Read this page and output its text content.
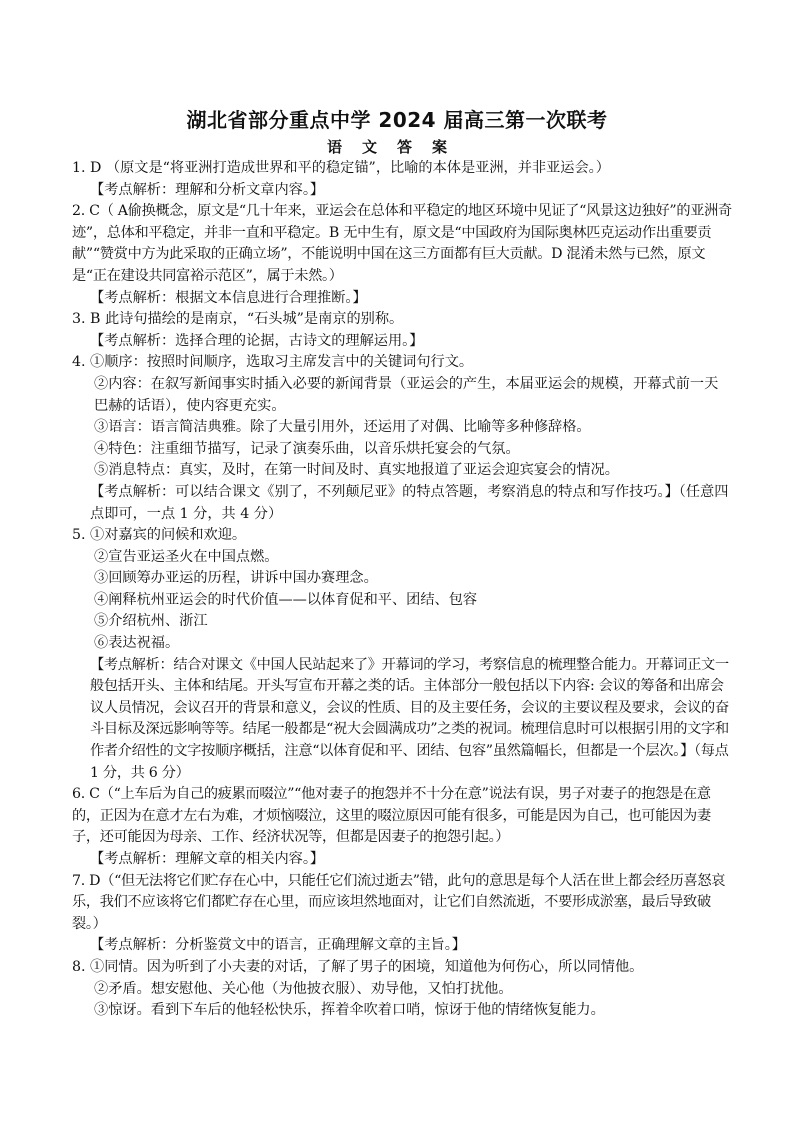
湖北省部分重点中学 2024 届高三第一次联考
语文答案

1. D （原文是“将亚洲打造成世界和平的稳定锚”，比喻的本体是亚洲，并非亚运会。）

【考点解析：理解和分析文章内容。】

2. C（ A偷换概念，原文是“几十年来，亚运会在总体和平稳定的地区环境中见证了“风景这边独好”的亚洲奇迹”，总体和平稳定，并非一直和平稳定。B 无中生有，原文是“中国政府为国际奥林匹克运动作出重要贡献”“赞赏中方为此采取的正确立场”，不能说明中国在这三方面都有巨大贡献。D 混淆未然与已然，原文是“正在建设共同富裕示范区”，属于未然。）

【考点解析：根据文本信息进行合理推断。】

3. B 此诗句描绘的是南京，“石头城”是南京的别称。

【考点解析：选择合理的论据，古诗文的理解运用。】

4. ①顺序：按照时间顺序，选取习主席发言中的关键词句行文。

②内容：在叙写新闻事实时插入必要的新闻背景（亚运会的产生，本届亚运会的规模，开幕式前一天巴赫的话语），使内容更充实。

③语言：语言简洁典雅。除了大量引用外，还运用了对偶、比喻等多种修辞格。

④特色：注重细节描写，记录了演奏乐曲，以音乐烘托宴会的气氛。

⑤消息特点：真实，及时，在第一时间及时、真实地报道了亚运会迎宾宴会的情况。

【考点解析：可以结合课文《别了，不列颠尼亚》的特点答题，考察消息的特点和写作技巧。】（任意四点即可，一点 1 分，共 4 分）

5. ①对嘉宾的问候和欢迎。

②宣告亚运圣火在中国点燃。

③回顾筹办亚运的历程，讲诉中国办赛理念。

④阐释杭州亚运会的时代价值——以体育促和平、团结、包容

⑤介绍杭州、浙江

⑥表达祝福。

【考点解析：结合对课文《中国人民站起来了》开幕词的学习，考察信息的梳理整合能力。开幕词正文一般包括开头、主体和结尾。开头写宣布开幕之类的话。主体部分一般包括以下内容: 会议的筹备和出席会议人员情况，会议召开的背景和意义，会议的性质、目的及主要任务，会议的主要议程及要求，会议的奋斗目标及深远影响等等。结尾一般都是“祝大会圆满成功”之类的祝词。梳理信息时可以根据引用的文字和作者介绍性的文字按顺序概括，注意“以体育促和平、团结、包容”虽然篇幅长，但都是一个层次。】（每点 1 分，共 6 分）

6. C（“上车后为自己的疲累而啜泣”“他对妻子的抱怨并不十分在意”说法有误，男子对妻子的抱怨是在意的，正因为在意才左右为难，才烦恼啜泣，这里的啜泣原因可能有很多，可能是因为自己，也可能因为妻子，还可能因为母亲、工作、经济状况等，但都是因妻子的抱怨引起。）

【考点解析：理解文章的相关内容。】

7. D（“但无法将它们贮存在心中，只能任它们流过逝去”错，此句的意思是每个人活在世上都会经历喜怒哀乐，我们不应该将它们都贮存在心里，而应该坦然地面对，让它们自然流逝，不要形成淤塞，最后导致破裂。）

【考点解析：分析鉴赏文中的语言，正确理解文章的主旨。】

8. ①同情。因为听到了小夫妻的对话，了解了男子的困境，知道他为何伤心，所以同情他。

②矛盾。想安慰他、关心他（为他披衣服）、劝导他，又怕打扰他。

③惊讶。看到下车后的他轻松快乐，挥着伞吹着口哨，惊讶于他的情绪恢复能力。
